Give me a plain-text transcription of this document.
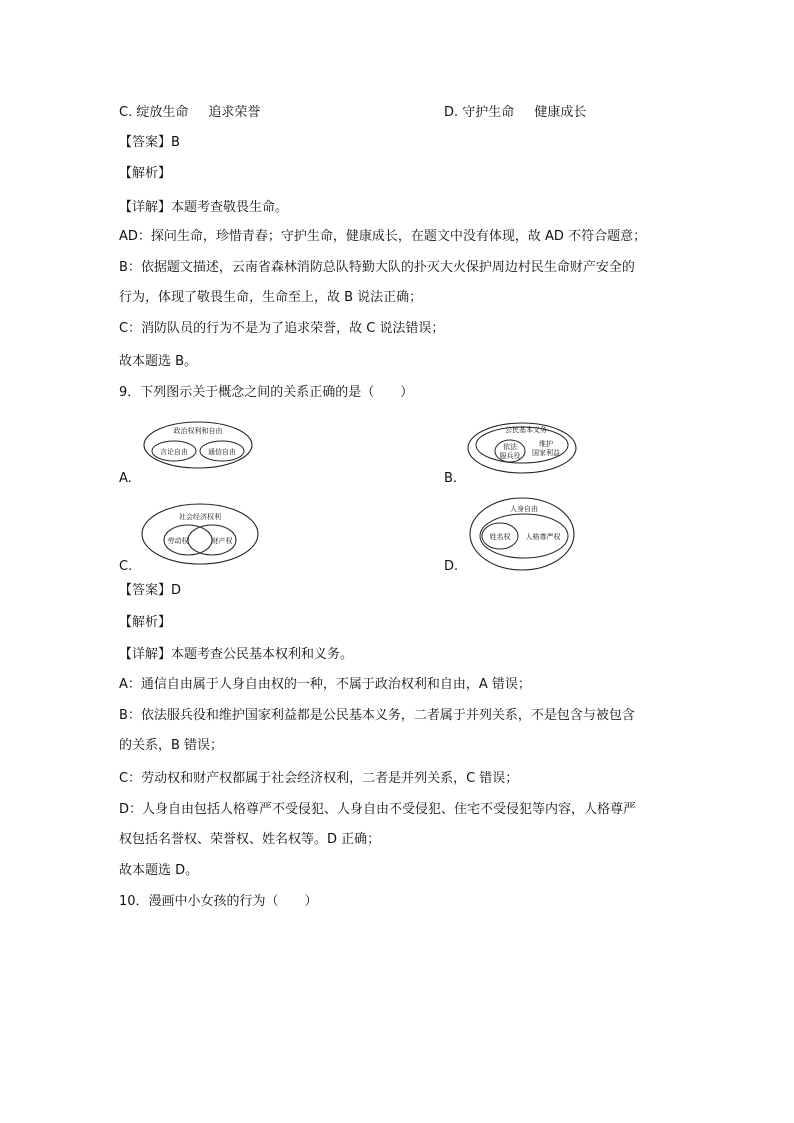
C. 绽放生命 追求荣誉	D. 守护生命 健康成长
【答案】B
【解析】
【详解】本题考查敬畏生命。
AD：探问生命，珍惜青春；守护生命，健康成长，在题文中没有体现，故 AD 不符合题意；
B：依据题文描述，云南省森林消防总队特勤大队的扑灭大火保护周边村民生命财产安全的
行为，体现了敬畏生命，生命至上，故 B 说法正确；
C：消防队员的行为不是为了追求荣誉，故 C 说法错误；
故本题选 B。
9．下列图示关于概念之间的关系正确的是（　　）
政治权利和自由
言论自由	通信自由
A.
公民基本义务
依法
服兵役
维护
国家利益
B.
社会经济权利
劳动权	财产权
C.
人身自由
姓名权 人格尊严权
D.
【答案】D
【解析】
【详解】本题考查公民基本权利和义务。
A：通信自由属于人身自由权的一种，不属于政治权利和自由，A 错误；
B：依法服兵役和维护国家利益都是公民基本义务，二者属于并列关系，不是包含与被包含
的关系，B 错误；
C：劳动权和财产权都属于社会经济权利，二者是并列关系，C 错误；
D：人身自由包括人格尊严不受侵犯、人身自由不受侵犯、住宅不受侵犯等内容，人格尊严
权包括名誉权、荣誉权、姓名权等。D 正确；
故本题选 D。
10．漫画中小女孩的行为（　　）
